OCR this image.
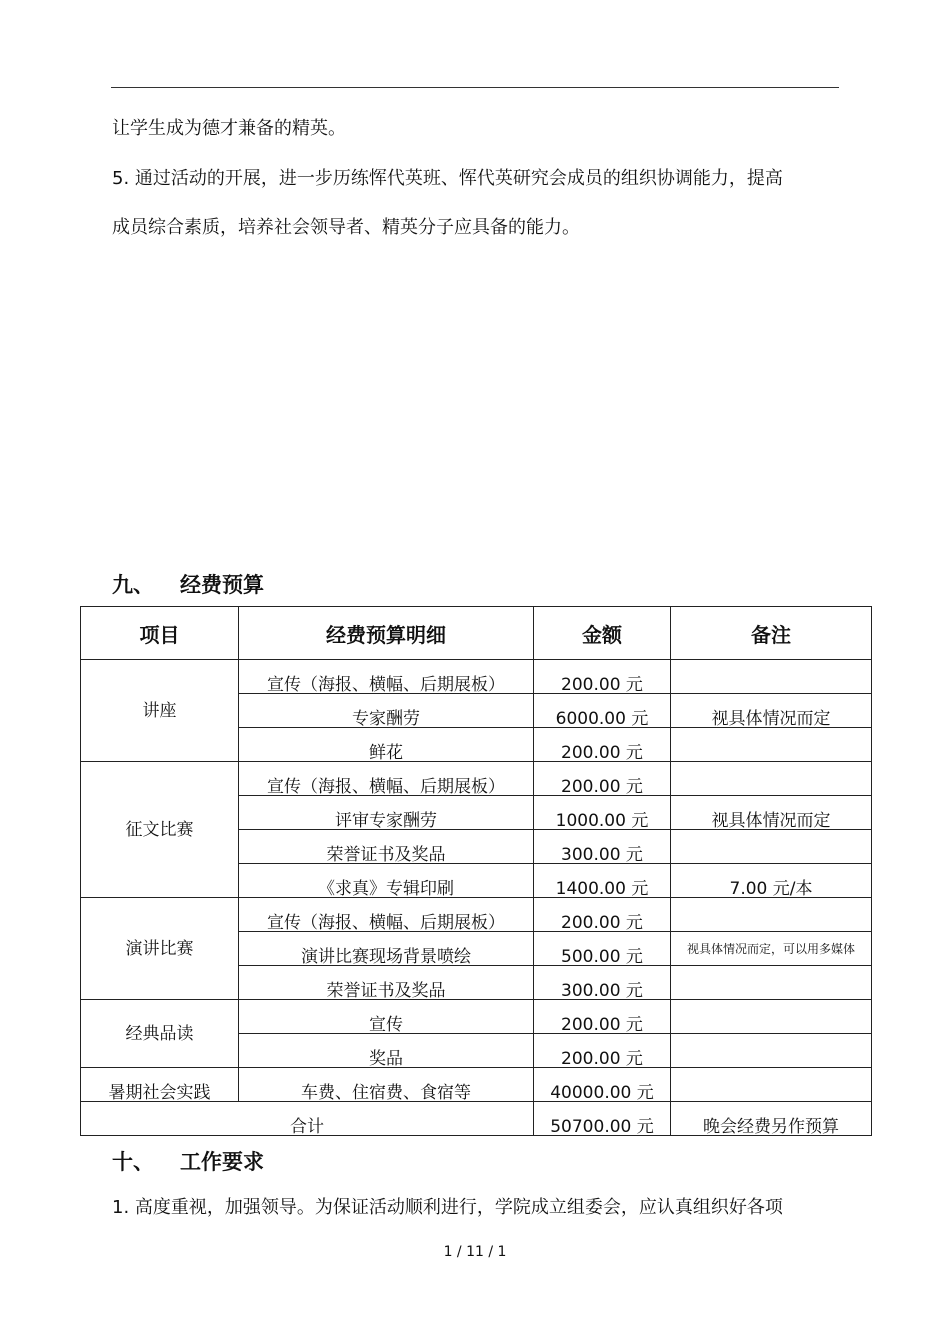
让学生成为德才兼备的精英。
5. 通过活动的开展，进一步历练恽代英班、恽代英研究会成员的组织协调能力，提高
成员综合素质，培养社会领导者、精英分子应具备的能力。
九、 经费预算
项目	经费预算明细	金额	备注
讲座	宣传（海报、横幅、后期展板）	200.00 元	
	专家酬劳	6000.00 元	视具体情况而定
	鲜花	200.00 元	
征文比赛	宣传（海报、横幅、后期展板）	200.00 元	
	评审专家酬劳	1000.00 元	视具体情况而定
	荣誉证书及奖品	300.00 元	
	《求真》专辑印刷	1400.00 元	7.00 元/本
演讲比赛	宣传（海报、横幅、后期展板）	200.00 元	
	演讲比赛现场背景喷绘	500.00 元	视具体情况而定，可以用多媒体
	荣誉证书及奖品	300.00 元	
经典品读	宣传	200.00 元	
	奖品	200.00 元	
暑期社会实践	车费、住宿费、食宿等	40000.00 元	
合计		50700.00 元	晚会经费另作预算
十、 工作要求
1. 高度重视，加强领导。为保证活动顺利进行，学院成立组委会，应认真组织好各项
1 / 11 / 1
